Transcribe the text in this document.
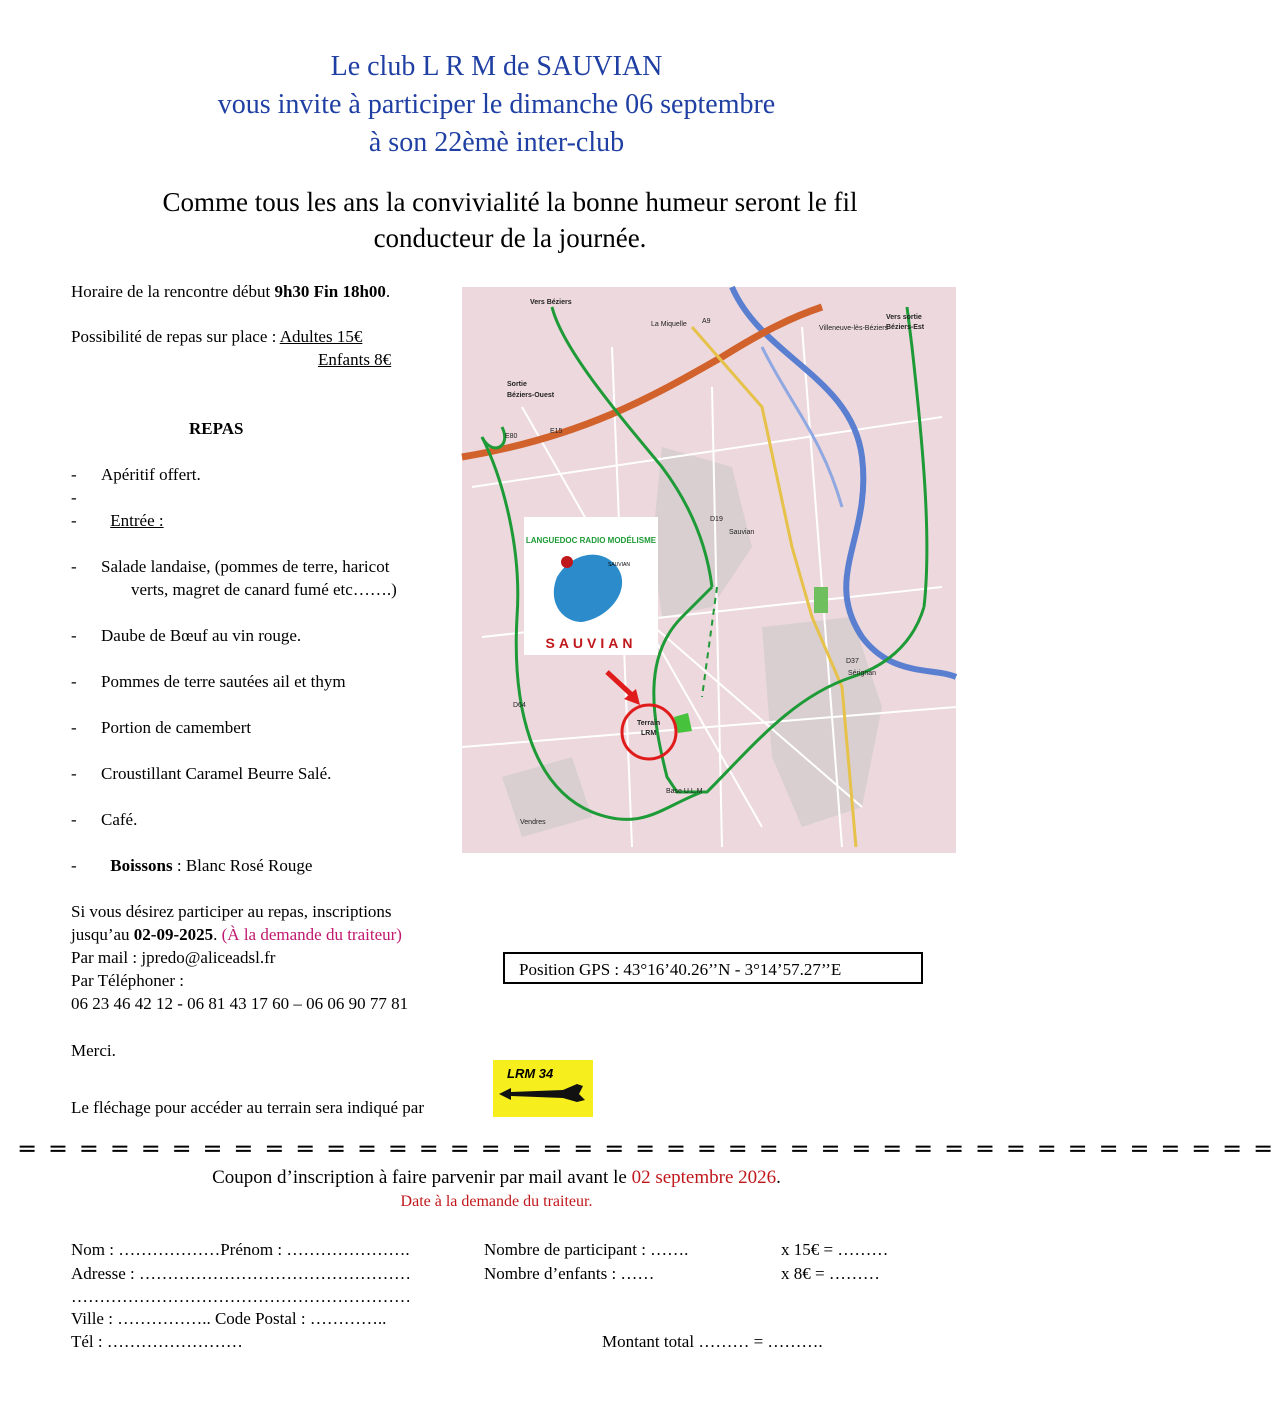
Le club L R M de SAUVIAN
vous invite à participer le dimanche 06 septembre
à son 22èmè inter-club
Comme tous les ans la convivialité la bonne humeur seront le fil
conducteur de la journée.
Horaire de la rencontre début 9h30 Fin 18h00.
Possibilité de repas sur place : Adultes 15€
Enfants 8€
REPAS
- Apéritif offert.
-
- Entrée :
- Salade landaise, (pommes de terre, haricot
verts, magret de canard fumé etc…….)
- Daube de Bœuf au vin rouge.
- Pommes de terre sautées ail et thym
- Portion de camembert
- Croustillant Caramel Beurre Salé.
- Café.
- Boissons : Blanc Rosé Rouge
Si vous désirez participer au repas, inscriptions
jusqu’au 02-09-2025. (À la demande du traiteur)
Par mail : jpredo@aliceadsl.fr
Par Téléphoner :
06 23 46 42 12 - 06 81 43 17 60 – 06 06 90 77 81
Merci.
Le fléchage pour accéder au terrain sera indiqué par
LANGUEDOC RADIO MODÉLISME
SAUVIAN
SAUVIAN
Vers Béziers
Villeneuve-lès-Béziers
Vers sortie
Béziers-Est
La Miquelle
Sortie
Béziers-Ouest
Sauvian
Sérignan
Vendres
Terrain
LRM
A9
E15
D19
D64
E80
D37
Base U.L.M
Position GPS : 43°16’40.26’’N - 3°14’57.27’’E
LRM 34
═ ═ ═ ═ ═ ═ ═ ═ ═ ═ ═ ═ ═ ═ ═ ═ ═ ═ ═ ═ ═ ═ ═ ═ ═ ═ ═ ═ ═ ═ ═ ═ ═ ═ ═ ═ ═ ═ ═ ═ ═
Coupon d’inscription à faire parvenir par mail avant le 02 septembre 2026.
Date à la demande du traiteur.
Nom : ………………Prénom : ………………….	Nombre de participant : …….	x 15€ = ………
Adresse : …………………………………………	Nombre d’enfants : ……	x 8€ = ………
……………………………………………………
Ville : …………….. Code Postal : …………..
Tél : ……………………	Montant total ……… = ……….
